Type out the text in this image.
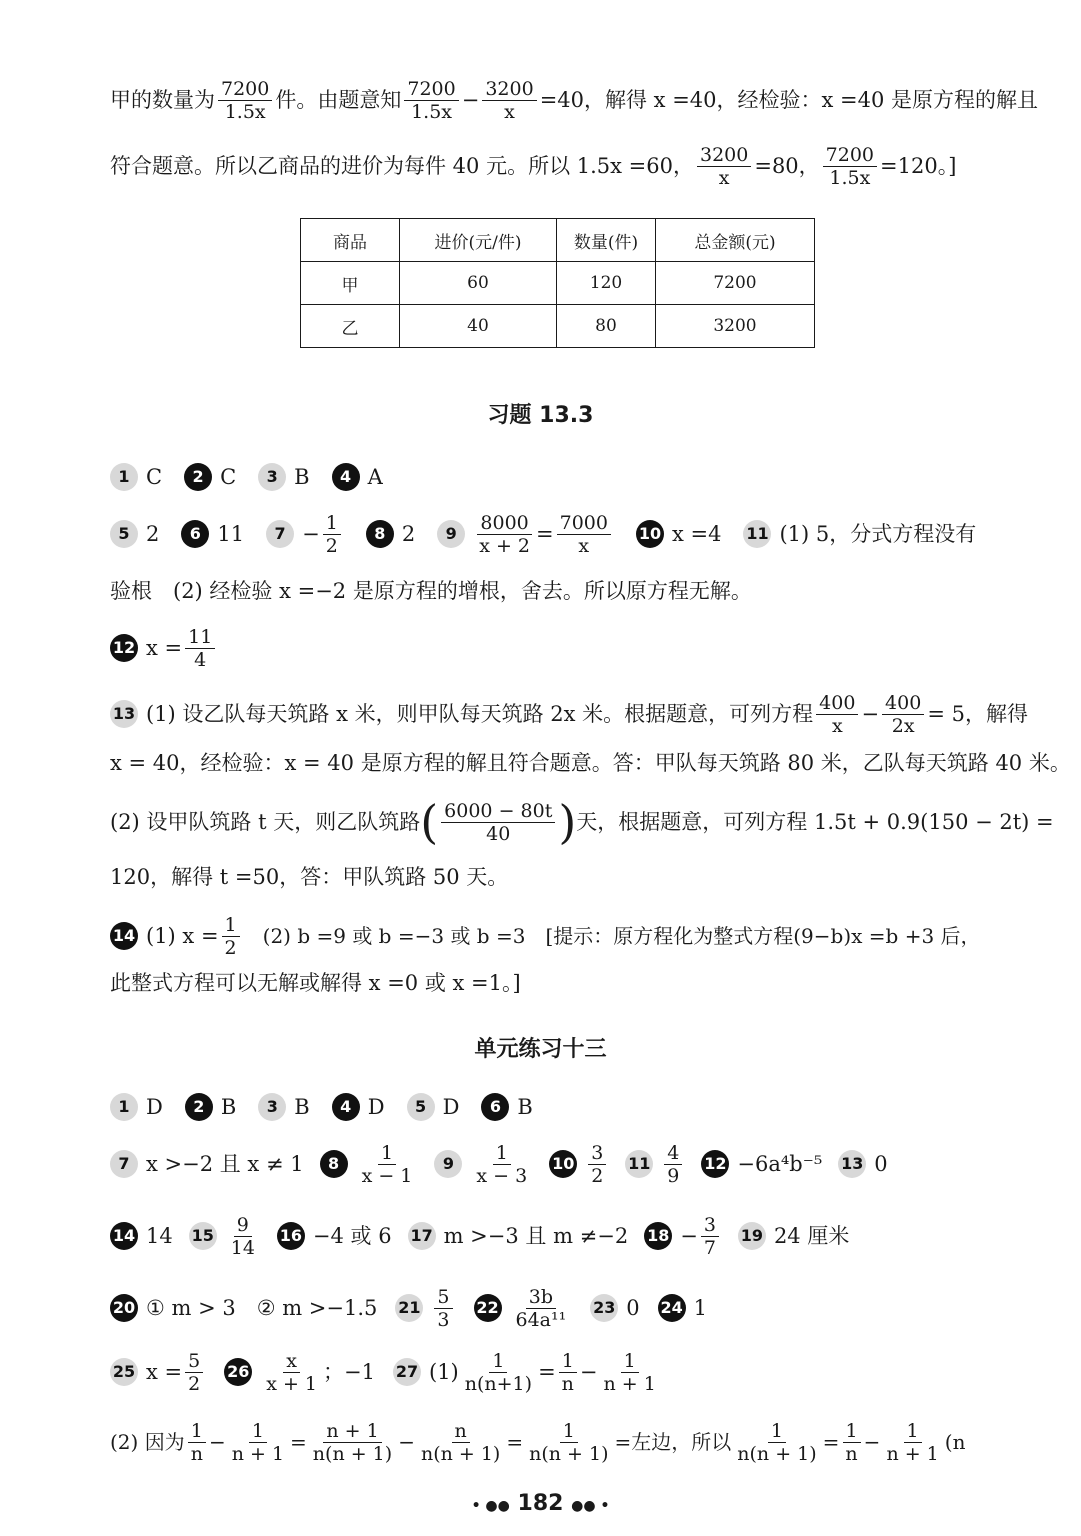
甲的数量为 $\frac{7200}{1.5x}$ 件。由题意知 $\frac{7200}{1.5x} - \frac{3200}{x} =40$，解得 x =40，经检验：x =40 是原方程的解且
符合题意。所以乙商品的进价为每件 40 元。所以 1.5x =60， $\frac{3200}{x} =80$， $\frac{7200}{1.5x} =120$。]
商品	进价(元/件)	数量(件)	总金额(元)
甲	60	120	7200
乙	40	80	3200
习题 13.3
1 C	2 C	3 B	4 A
5 2	6 11	$7 - \frac{1}{2}$	8 2	9	$\frac{8000}{x + 2} = \frac{7000}{x} 10$ x =4 11 (1) 5，分式方程没有
验根　(2) 经检验 x =−2 是原方程的增根，舍去。所以原方程无解。
12 $x = \frac{11}{4}$
13 (1) 设乙队每天筑路 x 米，则甲队每天筑路 2x 米。根据题意，可列方程 $\frac{400}{x} - \frac{400}{2x} = 5$，解得
x = 40，经检验：x = 40 是原方程的解且符合题意。答：甲队每天筑路 80 米，乙队每天筑路 40 米。
(2) 设甲队筑路 t 天，则乙队筑路 ( $\frac{6000 - 80t}{40}$ ) 天，根据题意，可列方程 1.5t + 0.9(150 − 2t) =
120，解得 t =50，答：甲队筑路 50 天。
14 (1) $x = \frac{1}{2}$ 　(2) b =9 或 b =−3 或 b =3　[提示：原方程化为整式方程(9−b)x =b +3 后，
此整式方程可以无解或解得 x =0 或 x =1。]
单元练习十三
1 D	2 B	3 B	4 D	5 D	6 B
7 x >−2 且 x ≠ 1	8	$\frac{1}{x - 1}$	9	$\frac{1}{x - 3} 10 \frac{3}{2} 11 \frac{4}{9} 12 -6a^4b^{-5}$ 13 0
14 14 $15 \frac{9}{14} 16 -4$ 或 6 17 m >−3 且 m ≠−2 $18 - \frac{3}{7} 19$ 24 厘米
20 ① m > 3　② m >−1.5 $21 \frac{5}{3} 22 \frac{3b}{\text{64a¹¹}} 23$ 0 24 1
25 $x = \frac{5}{2} 26 \frac{x}{x + 1}$ ；−1 27 $(1) \frac{1}{n(n+1)} = \frac{1}{n} - \frac{1}{n + 1}$
(2) 因为 $\frac{1}{n} - \frac{1}{n + 1} = \frac{n + 1}{n(n + 1)} - \frac{n}{n(n + 1)} = \frac{1}{n(n + 1)}$ =左边，所以 $\frac{1}{n(n + 1)} = \frac{1}{n} - \frac{1}{n + 1} (n$
• ●● 182 ●● •
